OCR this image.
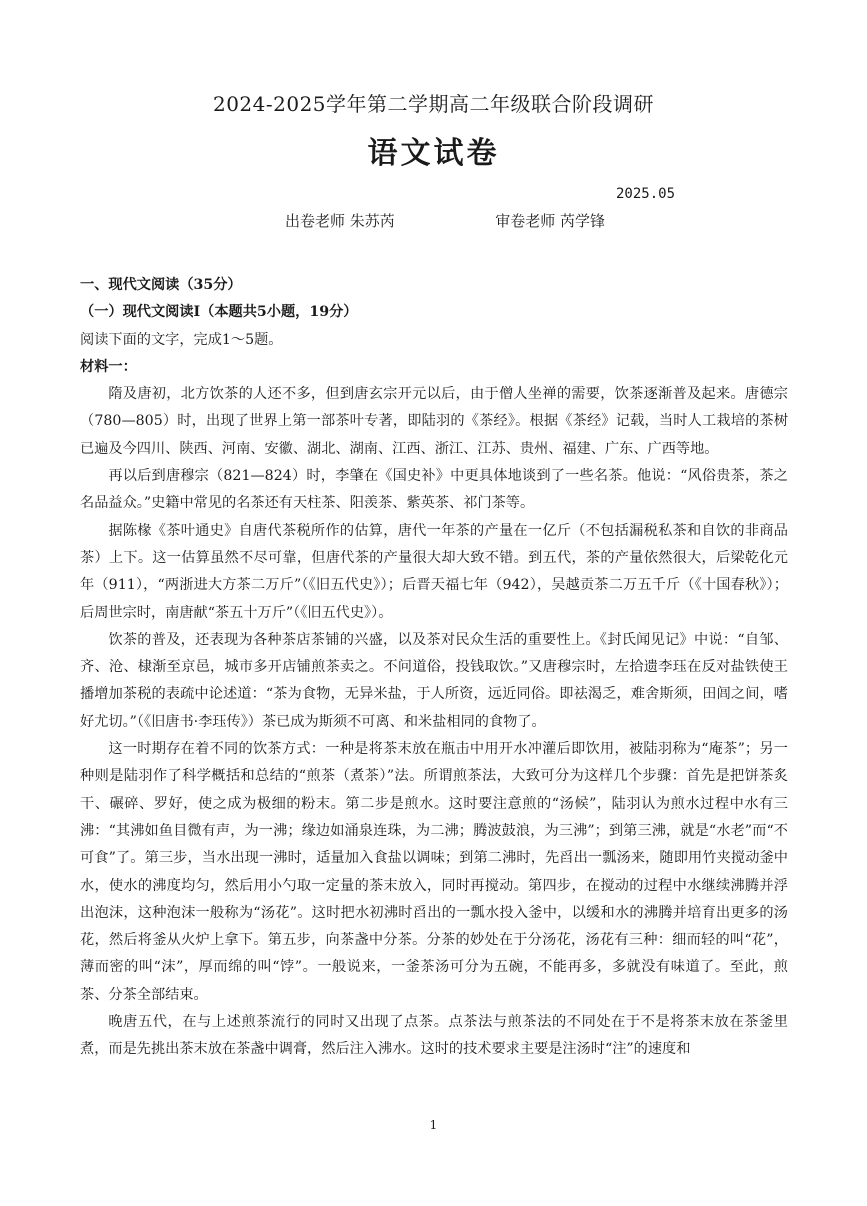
2024-2025学年第二学期高二年级联合阶段调研
语文试卷
2025.05
出卷老师 朱苏芮	审卷老师 芮学锋
一、现代文阅读（35分）
（一）现代文阅读Ⅰ（本题共5小题，19分）
阅读下面的文字，完成1～5题。
材料一：

隋及唐初，北方饮茶的人还不多，但到唐玄宗开元以后，由于僧人坐禅的需要，饮茶逐渐普及起来。唐德宗（780—805）时，出现了世界上第一部茶叶专著，即陆羽的《茶经》。根据《茶经》记载，当时人工栽培的茶树已遍及今四川、陕西、河南、安徽、湖北、湖南、江西、浙江、江苏、贵州、福建、广东、广西等地。

再以后到唐穆宗（821—824）时，李肇在《国史补》中更具体地谈到了一些名茶。他说：“风俗贵茶，茶之名品益众。”史籍中常见的名茶还有天柱茶、阳羡茶、紫英茶、祁门茶等。

据陈椽《茶叶通史》自唐代茶税所作的估算，唐代一年茶的产量在一亿斤（不包括漏税私茶和自饮的非商品茶）上下。这一估算虽然不尽可靠，但唐代茶的产量很大却大致不错。到五代，茶的产量依然很大，后梁乾化元年（911），“两浙进大方茶二万斤”（《旧五代史》）；后晋天福七年（942），吴越贡茶二万五千斤（《十国春秋》）；后周世宗时，南唐献“茶五十万斤”（《旧五代史》）。

饮茶的普及，还表现为各种茶店茶铺的兴盛，以及茶对民众生活的重要性上。《封氏闻见记》中说：“自邹、齐、沧、棣渐至京邑，城市多开店铺煎茶卖之。不问道俗，投钱取饮。”又唐穆宗时，左拾遗李珏在反对盐铁使王播增加茶税的表疏中论述道：“茶为食物，无异米盐，于人所资，远近同俗。即祛渴乏，难舍斯须，田闾之间，嗜好尤切。”（《旧唐书·李珏传》）茶已成为斯须不可离、和米盐相同的食物了。

这一时期存在着不同的饮茶方式：一种是将茶末放在瓶击中用开水冲灌后即饮用，被陆羽称为“庵茶”；另一种则是陆羽作了科学概括和总结的“煎茶（煮茶）”法。所谓煎茶法，大致可分为这样几个步骤：首先是把饼茶炙干、碾碎、罗好，使之成为极细的粉末。第二步是煎水。这时要注意煎的“汤候”，陆羽认为煎水过程中水有三沸：“其沸如鱼目微有声，为一沸；缘边如涌泉连珠，为二沸；腾波鼓浪，为三沸”；到第三沸，就是“水老”而“不可食”了。第三步，当水出现一沸时，适量加入食盐以调味；到第二沸时，先舀出一瓢汤来，随即用竹夹搅动釜中水，使水的沸度均匀，然后用小勺取一定量的茶末放入，同时再搅动。第四步，在搅动的过程中水继续沸腾并浮出泡沫，这种泡沫一般称为“汤花”。这时把水初沸时舀出的一瓢水投入釜中，以缓和水的沸腾并培育出更多的汤花，然后将釜从火炉上拿下。第五步，向茶盏中分茶。分茶的妙处在于分汤花，汤花有三种：细而轻的叫“花”，薄而密的叫“沫”，厚而绵的叫“饽”。一般说来，一釜茶汤可分为五碗，不能再多，多就没有味道了。至此，煎茶、分茶全部结束。

晚唐五代，在与上述煎茶流行的同时又出现了点茶。点茶法与煎茶法的不同处在于不是将茶末放在茶釜里煮，而是先挑出茶末放在茶盏中调膏，然后注入沸水。这时的技术要求主要是注汤时“注”的速度和

1
